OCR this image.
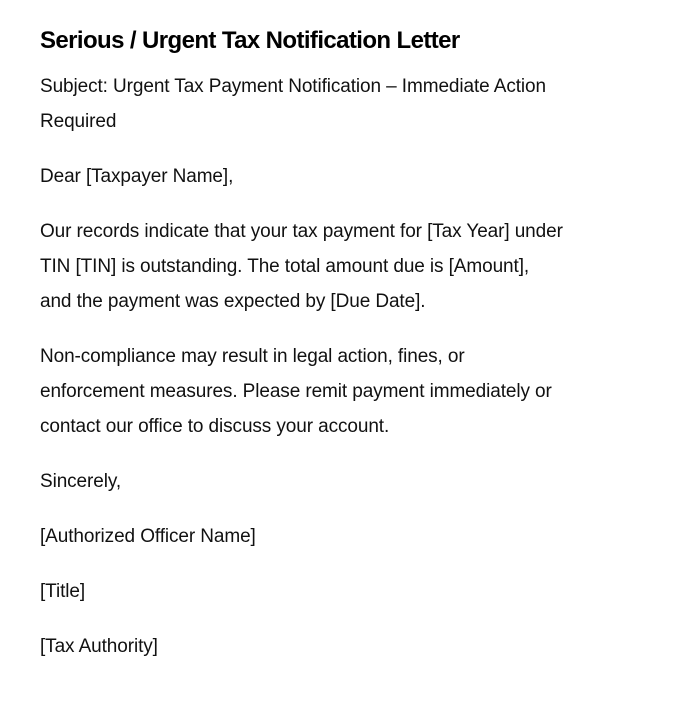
Serious / Urgent Tax Notification Letter

Subject: Urgent Tax Payment Notification – Immediate Action
Required

Dear [Taxpayer Name],

Our records indicate that your tax payment for [Tax Year] under
TIN [TIN] is outstanding. The total amount due is [Amount],
and the payment was expected by [Due Date].

Non-compliance may result in legal action, fines, or
enforcement measures. Please remit payment immediately or
contact our office to discuss your account.

Sincerely,

[Authorized Officer Name]

[Title]

[Tax Authority]
